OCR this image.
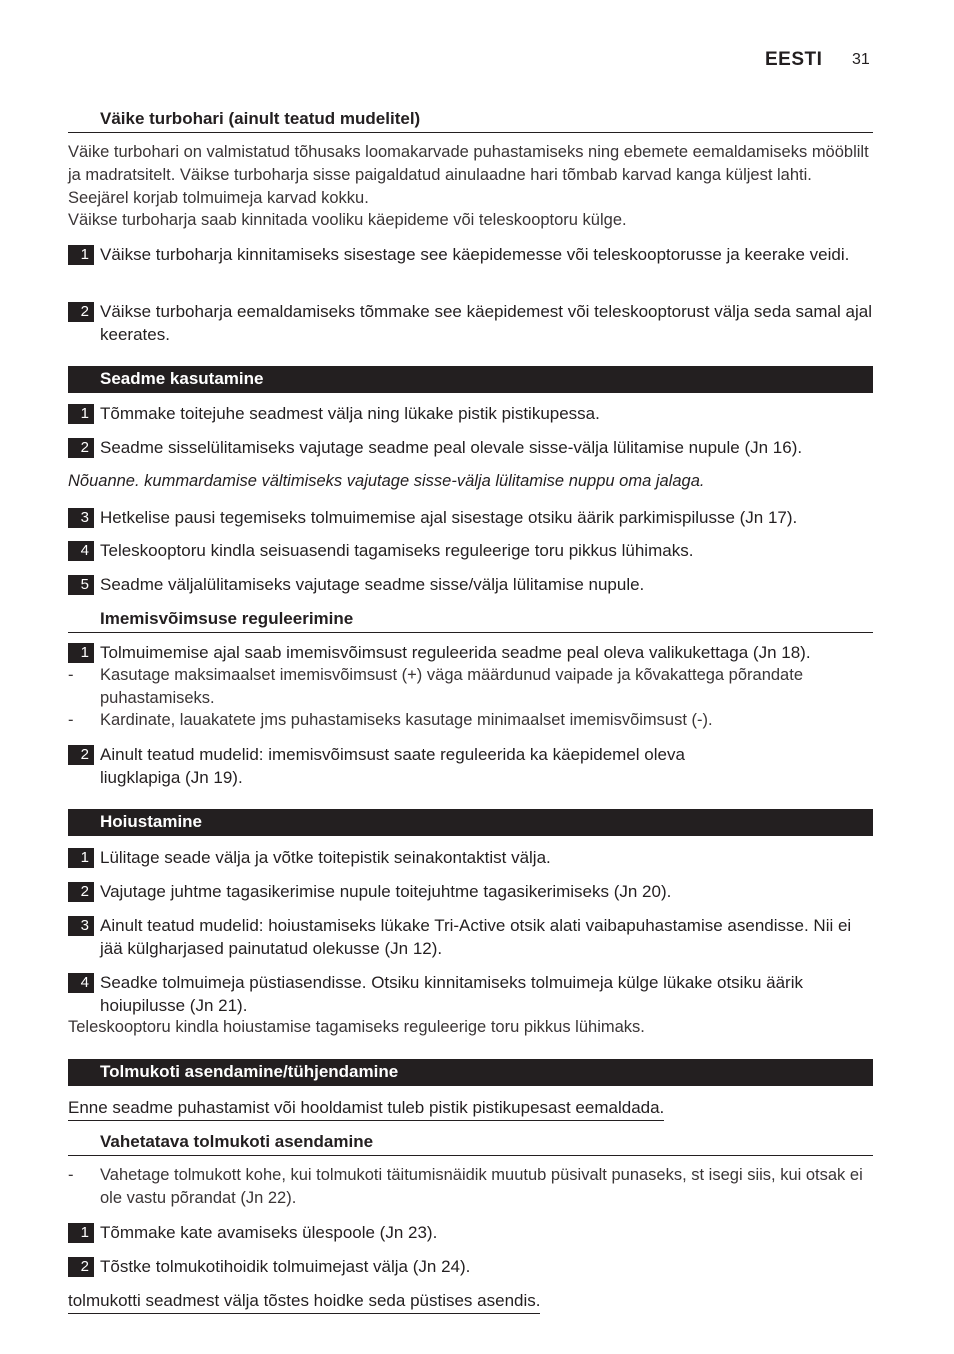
EESTI 31
Väike turbohari (ainult teatud mudelitel)
Väike turbohari on valmistatud tõhusaks loomakarvade puhastamiseks ning ebemete eemaldamiseks mööblilt ja madratsitelt. Väikse turboharja sisse paigaldatud ainulaadne hari tõmbab karvad kanga küljest lahti. Seejärel korjab tolmuimeja karvad kokku.
Väikse turboharja saab kinnitada vooliku käepideme või teleskooptoru külge.
1 Väikse turboharja kinnitamiseks sisestage see käepidemesse või teleskooptorusse ja keerake veidi.
2 Väikse turboharja eemaldamiseks tõmmake see käepidemest või teleskooptorust välja seda samal ajal keerates.
Seadme kasutamine
1 Tõmmake toitejuhe seadmest välja ning lükake pistik pistikupessa.
2 Seadme sisselülitamiseks vajutage seadme peal olevale sisse-välja lülitamise nupule (Jn 16).
Nõuanne. kummardamise vältimiseks vajutage sisse-välja lülitamise nuppu oma jalaga.
3 Hetkelise pausi tegemiseks tolmuimemise ajal sisestage otsiku äärik parkimispilusse (Jn 17).
4 Teleskooptoru kindla seisuasendi tagamiseks reguleerige toru pikkus lühimaks.
5 Seadme väljalülitamiseks vajutage seadme sisse/välja lülitamise nupule.
Imemisvõimsuse reguleerimine
1 Tolmuimemise ajal saab imemisvõimsust reguleerida seadme peal oleva valikukettaga (Jn 18).
- Kasutage maksimaalset imemisvõimsust (+) väga määrdunud vaipade ja kõvakattega põrandate puhastamiseks.
- Kardinate, lauakatete jms puhastamiseks kasutage minimaalset imemisvõimsust (-).
2 Ainult teatud mudelid: imemisvõimsust saate reguleerida ka käepidemel oleva liugklapiga (Jn 19).
Hoiustamine
1 Lülitage seade välja ja võtke toitepistik seinakontaktist välja.
2 Vajutage juhtme tagasikerimise nupule toitejuhtme tagasikerimiseks (Jn 20).
3 Ainult teatud mudelid: hoiustamiseks lükake Tri-Active otsik alati vaibapuhastamise asendisse. Nii ei jää külgharjased painutatud olekusse (Jn 12).
4 Seadke tolmuimeja püstiasendisse. Otsiku kinnitamiseks tolmuimeja külge lükake otsiku äärik hoiupilusse (Jn 21).
Teleskooptoru kindla hoiustamise tagamiseks reguleerige toru pikkus lühimaks.
Tolmukoti asendamine/tühjendamine
Enne seadme puhastamist või hooldamist tuleb pistik pistikupesast eemaldada.
Vahetatava tolmukoti asendamine
- Vahetage tolmukott kohe, kui tolmukoti täitumisnäidik muutub püsivalt punaseks, st isegi siis, kui otsak ei ole vastu põrandat (Jn 22).
1 Tõmmake kate avamiseks ülespoole (Jn 23).
2 Tõstke tolmukotihoidik tolmuimejast välja (Jn 24).
tolmukotti seadmest välja tõstes hoidke seda püstises asendis.
